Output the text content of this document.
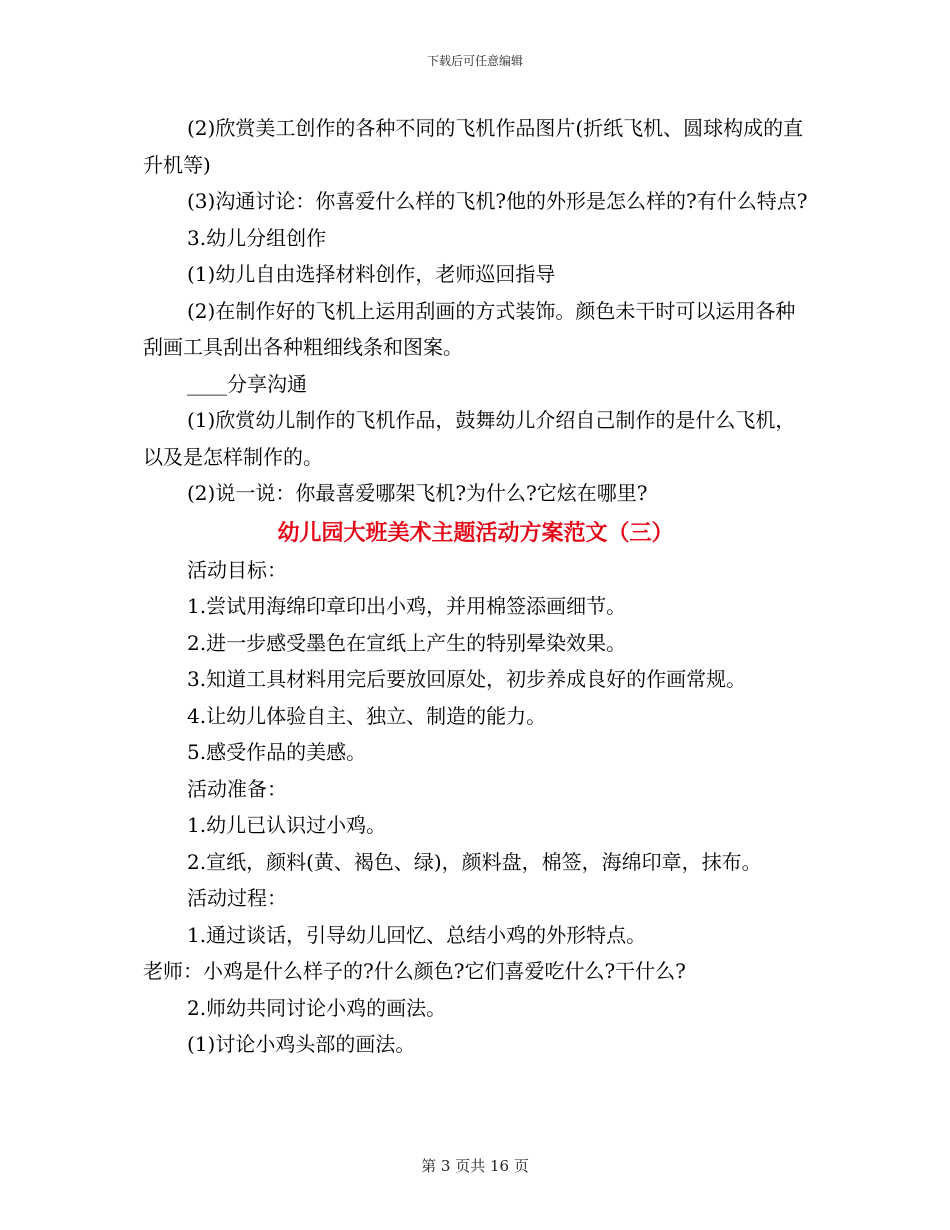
下载后可任意编辑

(2)欣赏美工创作的各种不同的飞机作品图片(折纸飞机、圆球构成的直升机等)

(3)沟通讨论：你喜爱什么样的飞机?他的外形是怎么样的?有什么特点?

3.幼儿分组创作

(1)幼儿自由选择材料创作，老师巡回指导

(2)在制作好的飞机上运用刮画的方式装饰。颜色未干时可以运用各种刮画工具刮出各种粗细线条和图案。

____分享沟通

(1)欣赏幼儿制作的飞机作品，鼓舞幼儿介绍自己制作的是什么飞机，以及是怎样制作的。

(2)说一说：你最喜爱哪架飞机?为什么?它炫在哪里?

幼儿园大班美术主题活动方案范文（三）

活动目标：

1.尝试用海绵印章印出小鸡，并用棉签添画细节。

2.进一步感受墨色在宣纸上产生的特别晕染效果。

3.知道工具材料用完后要放回原处，初步养成良好的作画常规。

4.让幼儿体验自主、独立、制造的能力。

5.感受作品的美感。

活动准备：

1.幼儿已认识过小鸡。

2.宣纸，颜料(黄、褐色、绿)，颜料盘，棉签，海绵印章，抹布。

活动过程：

1.通过谈话，引导幼儿回忆、总结小鸡的外形特点。

老师：小鸡是什么样子的?什么颜色?它们喜爱吃什么?干什么?

2.师幼共同讨论小鸡的画法。

(1)讨论小鸡头部的画法。

第 3 页共 16 页
